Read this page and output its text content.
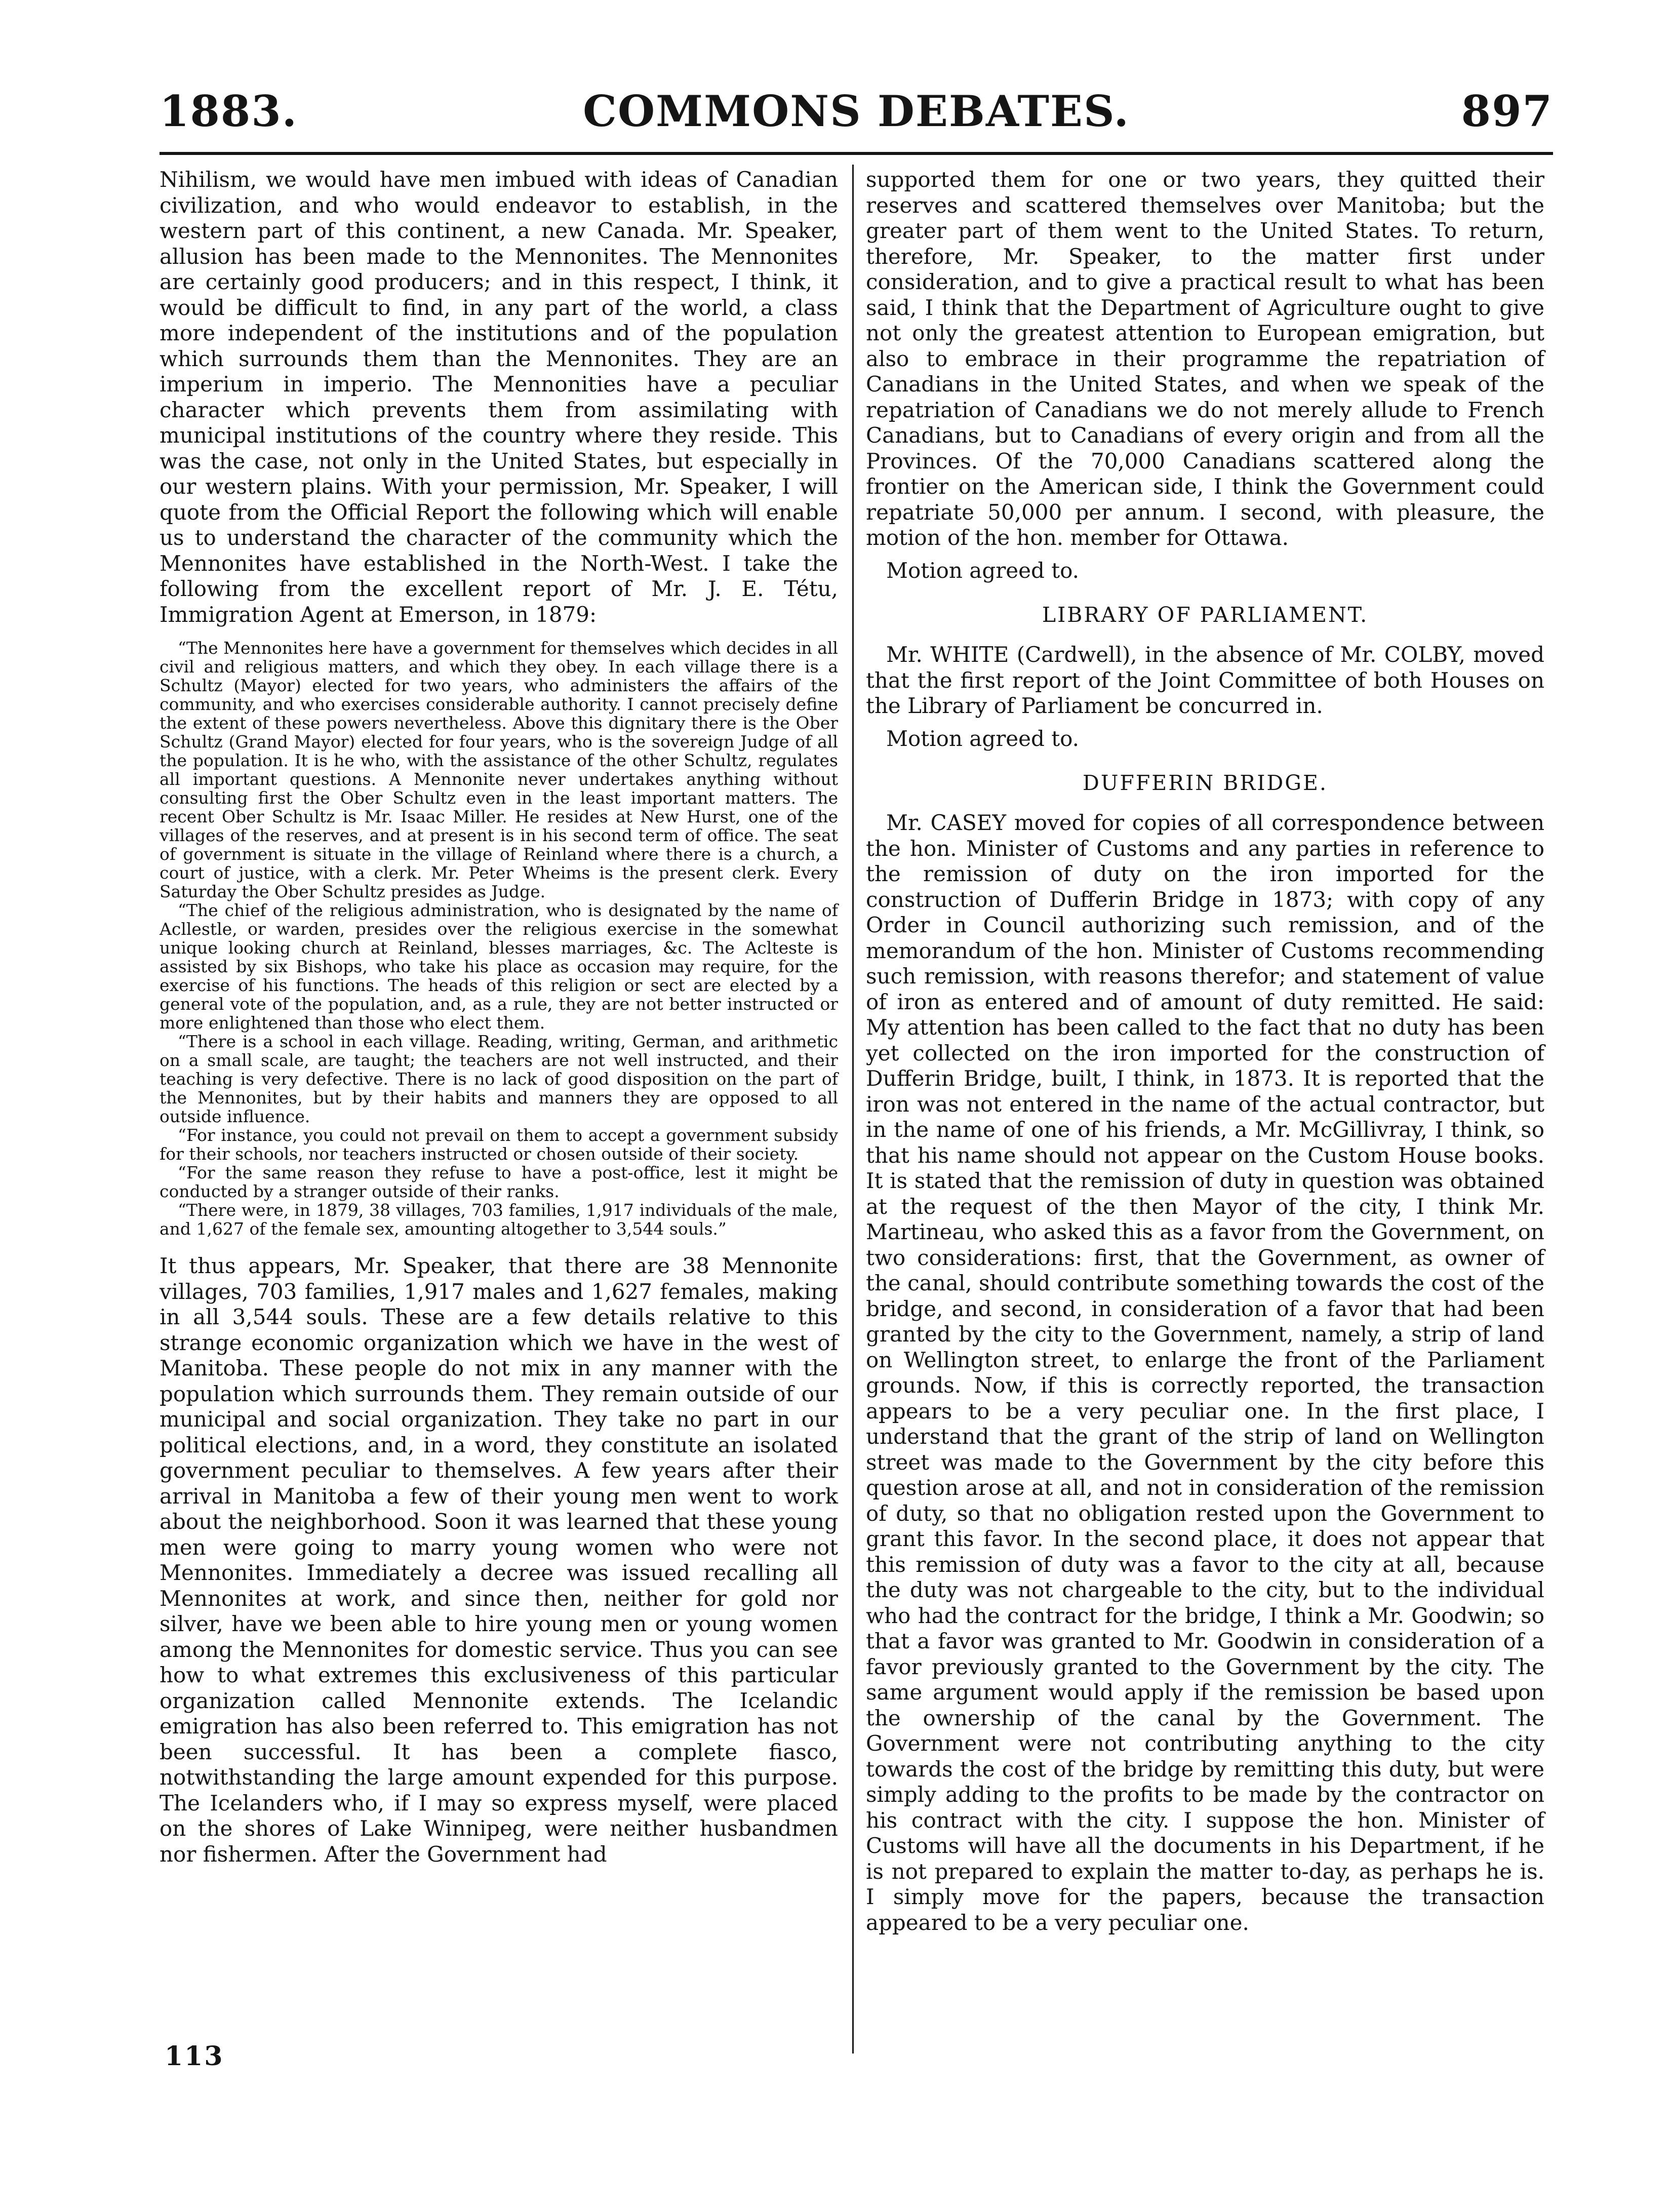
1883.	COMMONS DEBATES.	897

Nihilism, we would have men imbued with ideas of Canadian civilization, and who would endeavor to establish, in the western part of this continent, a new Canada. Mr. Speaker, allusion has been made to the Mennonites. The Mennonites are certainly good producers; and in this respect, I think, it would be difficult to find, in any part of the world, a class more independent of the institutions and of the population which surrounds them than the Mennonites. They are an imperium in imperio. The Mennonities have a peculiar character which prevents them from assimilating with municipal institutions of the country where they reside. This was the case, not only in the United States, but especially in our western plains. With your permission, Mr. Speaker, I will quote from the Official Report the following which will enable us to understand the character of the community which the Mennonites have established in the North-West. I take the following from the excellent report of Mr. J. E. Tétu, Immigration Agent at Emerson, in 1879:

“The Mennonites here have a government for themselves which decides in all civil and religious matters, and which they obey. In each village there is a Schultz (Mayor) elected for two years, who administers the affairs of the community, and who exercises considerable authority. I cannot precisely define the extent of these powers nevertheless. Above this dignitary there is the Ober Schultz (Grand Mayor) elected for four years, who is the sovereign Judge of all the population. It is he who, with the assistance of the other Schultz, regulates all important questions. A Mennonite never undertakes anything without consulting first the Ober Schultz even in the least important matters. The recent Ober Schultz is Mr. Isaac Miller. He resides at New Hurst, one of the villages of the reserves, and at present is in his second term of office. The seat of government is situate in the village of Reinland where there is a church, a court of justice, with a clerk. Mr. Peter Wheims is the present clerk. Every Saturday the Ober Schultz presides as Judge.

“The chief of the religious administration, who is designated by the name of Acllestle, or warden, presides over the religious exercise in the somewhat unique looking church at Reinland, blesses marriages, &c. The Aclteste is assisted by six Bishops, who take his place as occasion may require, for the exercise of his functions. The heads of this religion or sect are elected by a general vote of the population, and, as a rule, they are not better instructed or more enlightened than those who elect them.

“There is a school in each village. Reading, writing, German, and arithmetic on a small scale, are taught; the teachers are not well instructed, and their teaching is very defective. There is no lack of good disposition on the part of the Mennonites, but by their habits and manners they are opposed to all outside influence.

“For instance, you could not prevail on them to accept a government subsidy for their schools, nor teachers instructed or chosen outside of their society.

“For the same reason they refuse to have a post-office, lest it might be conducted by a stranger outside of their ranks.

“There were, in 1879, 38 villages, 703 families, 1,917 individuals of the male, and 1,627 of the female sex, amounting altogether to 3,544 souls.”

It thus appears, Mr. Speaker, that there are 38 Mennonite villages, 703 families, 1,917 males and 1,627 females, making in all 3,544 souls. These are a few details relative to this strange economic organization which we have in the west of Manitoba. These people do not mix in any manner with the population which surrounds them. They remain outside of our municipal and social organization. They take no part in our political elections, and, in a word, they constitute an isolated government peculiar to themselves. A few years after their arrival in Manitoba a few of their young men went to work about the neighborhood. Soon it was learned that these young men were going to marry young women who were not Mennonites. Immediately a decree was issued recalling all Mennonites at work, and since then, neither for gold nor silver, have we been able to hire young men or young women among the Mennonites for domestic service. Thus you can see how to what extremes this exclusiveness of this particular organization called Mennonite extends. The Icelandic emigration has also been referred to. This emigration has not been successful. It has been a complete fiasco, notwithstanding the large amount expended for this purpose. The Icelanders who, if I may so express myself, were placed on the shores of Lake Winnipeg, were neither husbandmen nor fishermen. After the Government had

supported them for one or two years, they quitted their reserves and scattered themselves over Manitoba; but the greater part of them went to the United States. To return, therefore, Mr. Speaker, to the matter first under consideration, and to give a practical result to what has been said, I think that the Department of Agriculture ought to give not only the greatest attention to European emigration, but also to embrace in their programme the repatriation of Canadians in the United States, and when we speak of the repatriation of Canadians we do not merely allude to French Canadians, but to Canadians of every origin and from all the Provinces. Of the 70,000 Canadians scattered along the frontier on the American side, I think the Government could repatriate 50,000 per annum. I second, with pleasure, the motion of the hon. member for Ottawa.

Motion agreed to.

LIBRARY OF PARLIAMENT.

Mr. WHITE (Cardwell), in the absence of Mr. COLBY, moved that the first report of the Joint Committee of both Houses on the Library of Parliament be concurred in.

Motion agreed to.

DUFFERIN BRIDGE.

Mr. CASEY moved for copies of all correspondence between the hon. Minister of Customs and any parties in reference to the remission of duty on the iron imported for the construction of Dufferin Bridge in 1873; with copy of any Order in Council authorizing such remission, and of the memorandum of the hon. Minister of Customs recommending such remission, with reasons therefor; and statement of value of iron as entered and of amount of duty remitted. He said: My attention has been called to the fact that no duty has been yet collected on the iron imported for the construction of Dufferin Bridge, built, I think, in 1873. It is reported that the iron was not entered in the name of the actual contractor, but in the name of one of his friends, a Mr. McGillivray, I think, so that his name should not appear on the Custom House books. It is stated that the remission of duty in question was obtained at the request of the then Mayor of the city, I think Mr. Martineau, who asked this as a favor from the Government, on two considerations: first, that the Government, as owner of the canal, should contribute something towards the cost of the bridge, and second, in consideration of a favor that had been granted by the city to the Government, namely, a strip of land on Wellington street, to enlarge the front of the Parliament grounds. Now, if this is correctly reported, the transaction appears to be a very peculiar one. In the first place, I understand that the grant of the strip of land on Wellington street was made to the Government by the city before this question arose at all, and not in consideration of the remission of duty, so that no obligation rested upon the Government to grant this favor. In the second place, it does not appear that this remission of duty was a favor to the city at all, because the duty was not chargeable to the city, but to the individual who had the contract for the bridge, I think a Mr. Goodwin; so that a favor was granted to Mr. Goodwin in consideration of a favor previously granted to the Government by the city. The same argument would apply if the remission be based upon the ownership of the canal by the Government. The Government were not contributing anything to the city towards the cost of the bridge by remitting this duty, but were simply adding to the profits to be made by the contractor on his contract with the city. I suppose the hon. Minister of Customs will have all the documents in his Department, if he is not prepared to explain the matter to-day, as perhaps he is. I simply move for the papers, because the transaction appeared to be a very peculiar one.

113
